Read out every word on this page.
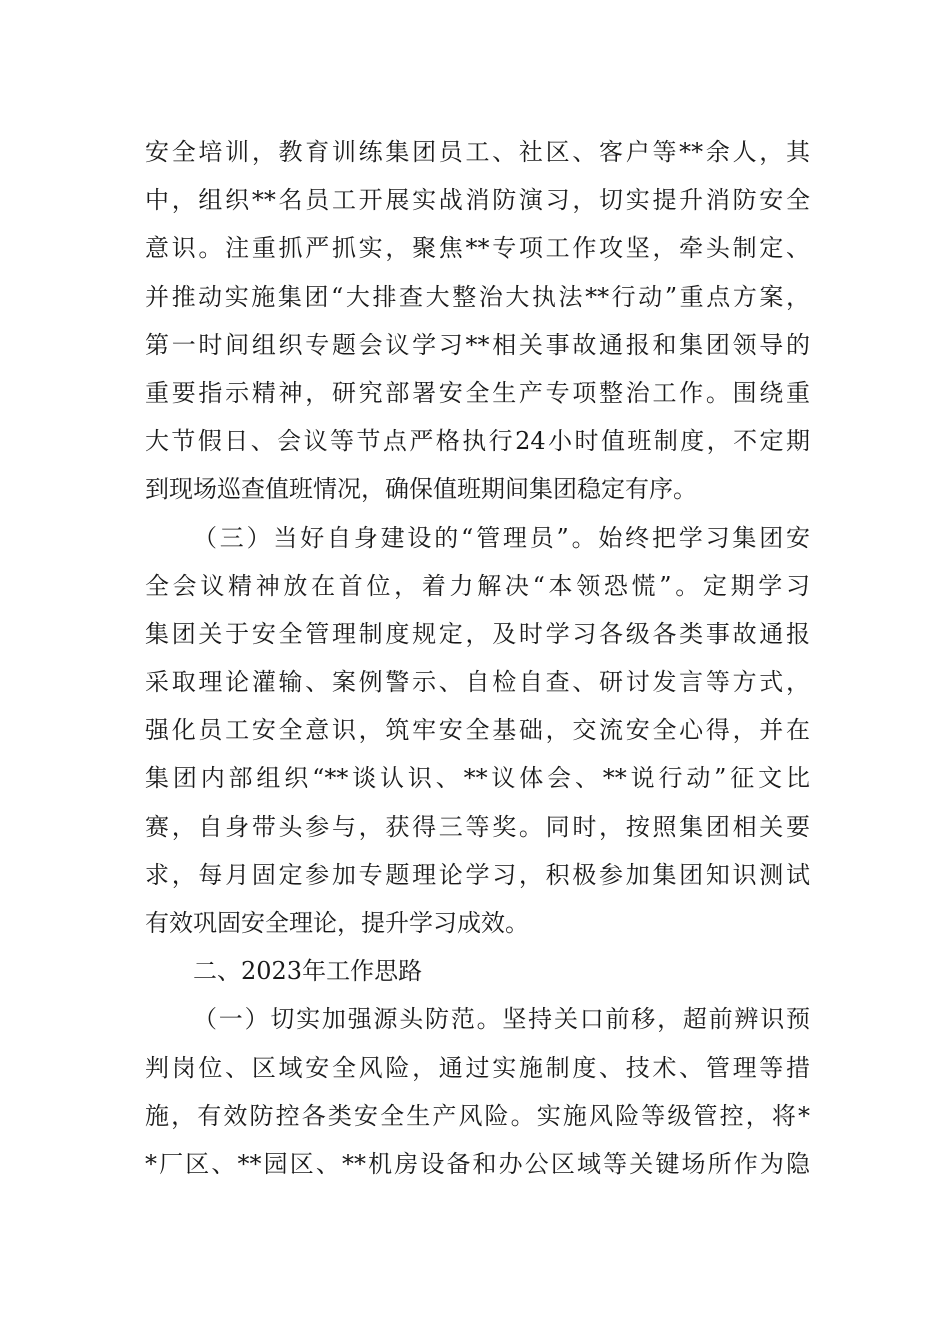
安全培训，教育训练集团员工、社区、客户等**余人，其
中，组织**名员工开展实战消防演习，切实提升消防安全
意识。注重抓严抓实，聚焦**专项工作攻坚，牵头制定、
并推动实施集团“大排查大整治大执法**行动”重点方案，
第一时间组织专题会议学习**相关事故通报和集团领导的
重要指示精神，研究部署安全生产专项整治工作。围绕重
大节假日、会议等节点严格执行24小时值班制度，不定期
到现场巡查值班情况，确保值班期间集团稳定有序。
（三）当好自身建设的“管理员”。始终把学习集团安
全会议精神放在首位，着力解决“本领恐慌”。定期学习
集团关于安全管理制度规定，及时学习各级各类事故通报
采取理论灌输、案例警示、自检自查、研讨发言等方式，
强化员工安全意识，筑牢安全基础，交流安全心得，并在
集团内部组织“**谈认识、**议体会、**说行动”征文比
赛，自身带头参与，获得三等奖。同时，按照集团相关要
求，每月固定参加专题理论学习，积极参加集团知识测试
有效巩固安全理论，提升学习成效。
二、2023年工作思路
（一）切实加强源头防范。坚持关口前移，超前辨识预
判岗位、区域安全风险，通过实施制度、技术、管理等措
施，有效防控各类安全生产风险。实施风险等级管控，将*
*厂区、**园区、**机房设备和办公区域等关键场所作为隐
